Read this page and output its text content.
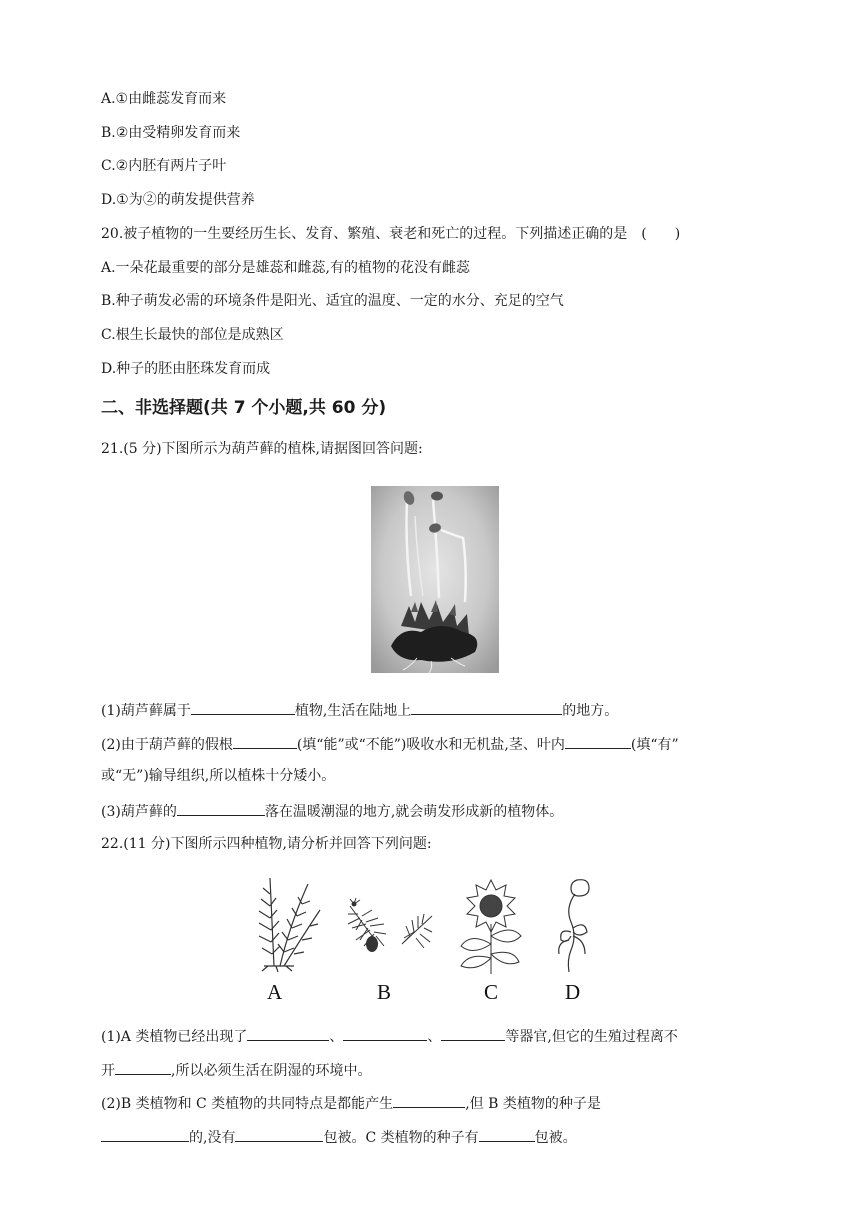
A.①由雌蕊发育而来
B.②由受精卵发育而来
C.②内胚有两片子叶
D.①为②的萌发提供营养
20.被子植物的一生要经历生长、发育、繁殖、衰老和死亡的过程。下列描述正确的是　(　　)
A.一朵花最重要的部分是雄蕊和雌蕊,有的植物的花没有雌蕊
B.种子萌发必需的环境条件是阳光、适宜的温度、一定的水分、充足的空气
C.根生长最快的部位是成熟区
D.种子的胚由胚珠发育而成
二、非选择题(共 7 个小题,共 60 分)
21.(5 分)下图所示为葫芦藓的植株,请据图回答问题:
(1)葫芦藓属于	植物,生活在陆地上	的地方。
(2)由于葫芦藓的假根	(填“能”或“不能”)吸收水和无机盐,茎、叶内	(填“有”
或“无”)输导组织,所以植株十分矮小。
(3)葫芦藓的	落在温暖潮湿的地方,就会萌发形成新的植物体。
22.(11 分)下图所示四种植物,请分析并回答下列问题:
A	B	C	D
(1)A 类植物已经出现了	、	、	等器官,但它的生殖过程离不
开	,所以必须生活在阴湿的环境中。
(2)B 类植物和 C 类植物的共同特点是都能产生	,但 B 类植物的种子是
的,没有	包被。C 类植物的种子有	包被。
